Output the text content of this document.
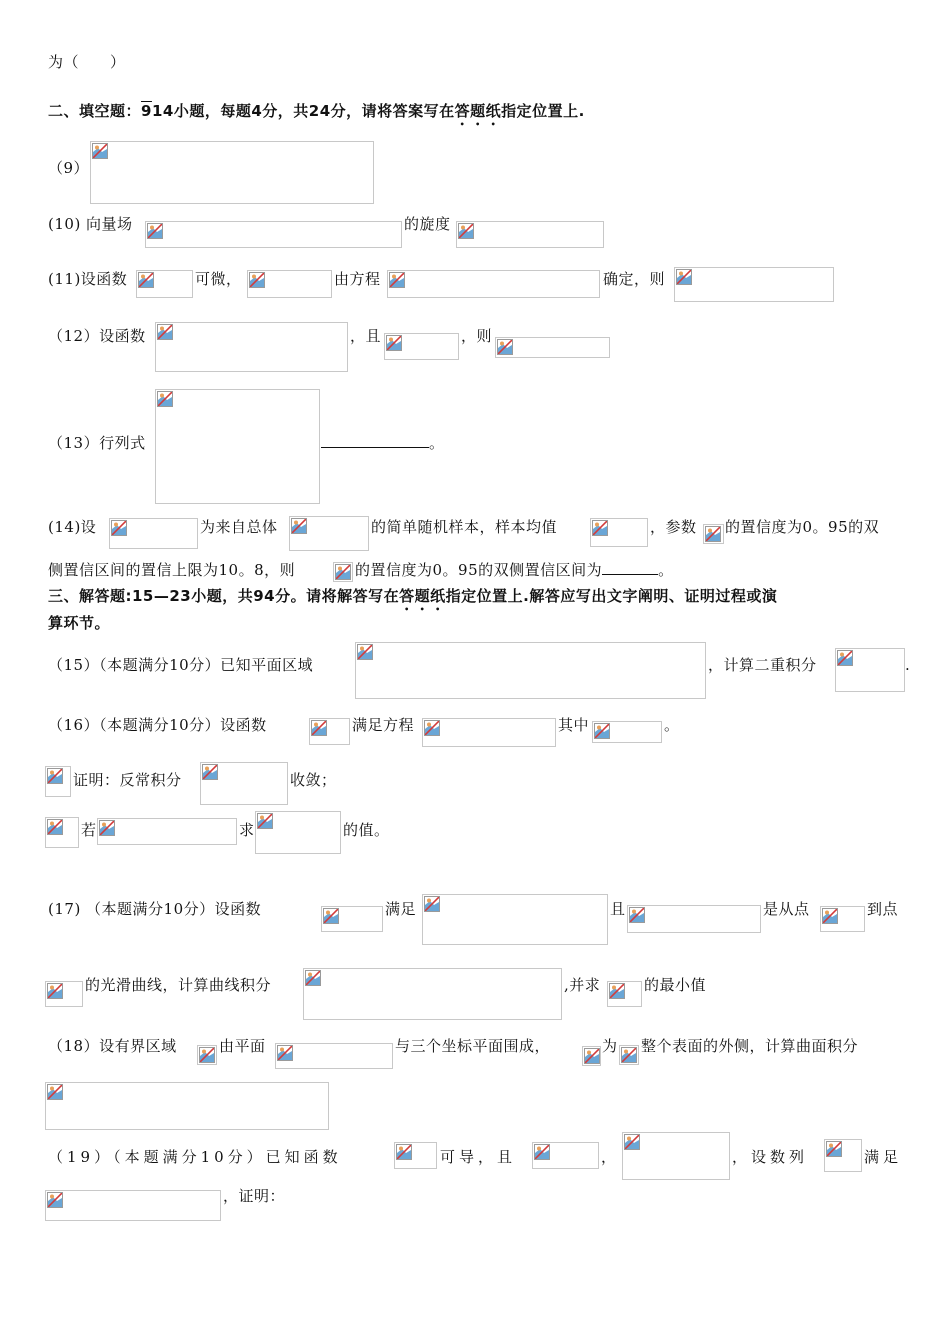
为（　　）
二、填空题：914小题，每题4分，共24分，请将答案写在答题纸指定位置上.
（9）
(10) 向量场	的旋度
(11)设函数	可微，	由方程	确定，则
（12）设函数	，且	，则
（13）行列式	。
(14)设	为来自总体	的简单随机样本，样本均值	，参数 的置信度为0。95的双
侧置信区间的置信上限为10。8，则	的置信度为0。95的双侧置信区间为	。
三、解答题:15—23小题，共94分。请将解答写在答题纸指定位置上.解答应写出文字阐明、证明过程或演
算环节。
（15）（本题满分10分）已知平面区域	，计算二重积分	.
（16）（本题满分10分）设函数	满足方程	其中	。
证明：反常积分	收敛；
若	求	的值。
(17) （本题满分10分）设函数	满足	且	是从点	到点
的光滑曲线，计算曲线积分	,并求	的最小值
（18）设有界区域	由平面	与三个坐标平面围成，	为 整个表面的外侧，计算曲面积分
（19）（本题满分10分）已知函数	可导，且	，	，设数列	满足
，证明：
